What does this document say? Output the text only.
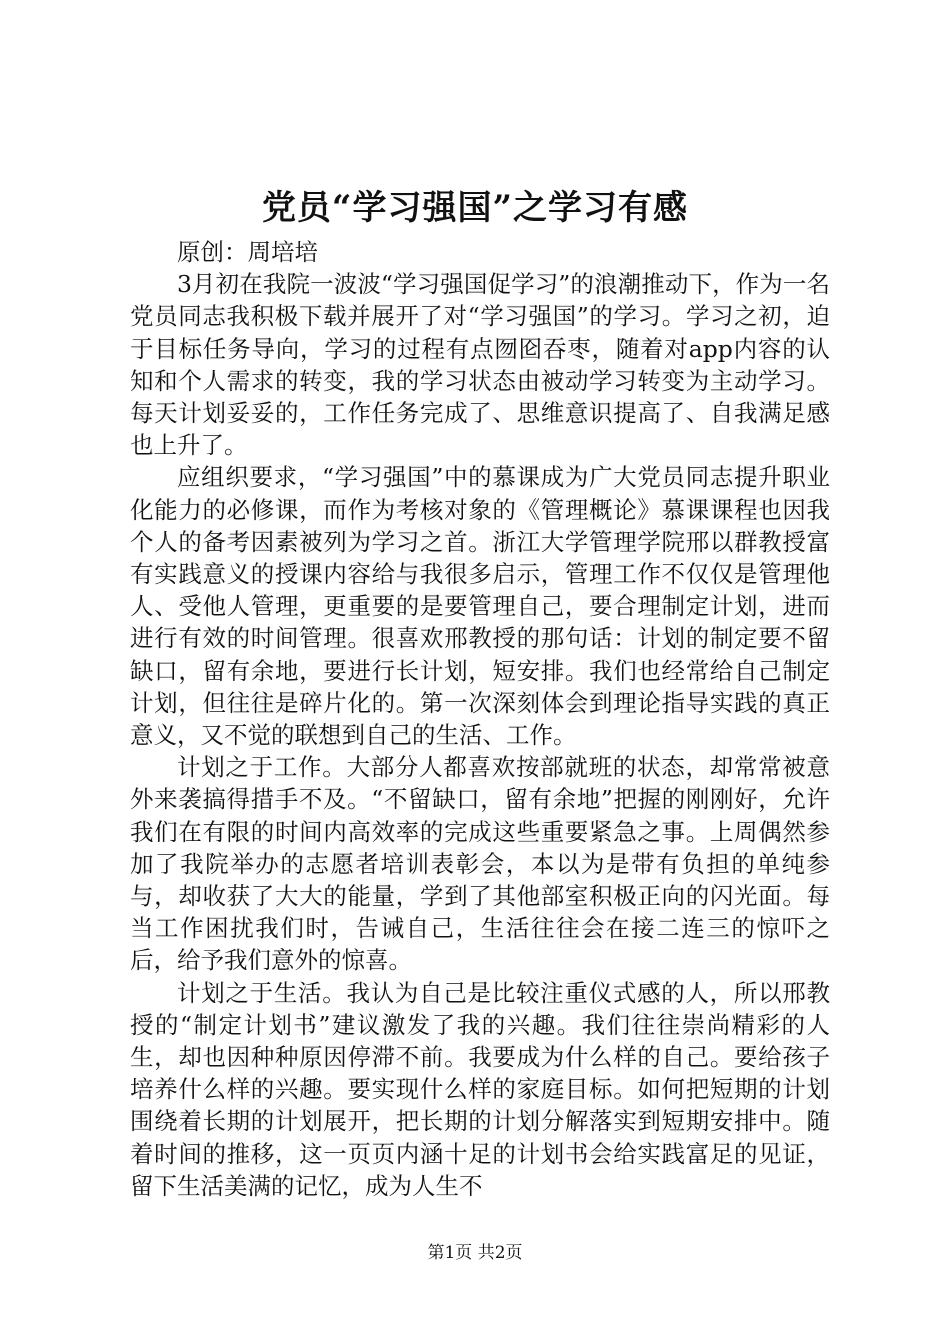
党员“学习强国”之学习有感

原创：周培培

3月初在我院一波波“学习强国促学习”的浪潮推动下，作为一名党员同志我积极下载并展开了对“学习强国”的学习。学习之初，迫于目标任务导向，学习的过程有点囫囵吞枣，随着对app内容的认知和个人需求的转变，我的学习状态由被动学习转变为主动学习。每天计划妥妥的，工作任务完成了、思维意识提高了、自我满足感也上升了。

应组织要求，“学习强国”中的慕课成为广大党员同志提升职业化能力的必修课，而作为考核对象的《管理概论》慕课课程也因我个人的备考因素被列为学习之首。浙江大学管理学院邢以群教授富有实践意义的授课内容给与我很多启示，管理工作不仅仅是管理他人、受他人管理，更重要的是要管理自己，要合理制定计划，进而进行有效的时间管理。很喜欢邢教授的那句话：计划的制定要不留缺口，留有余地，要进行长计划，短安排。我们也经常给自己制定计划，但往往是碎片化的。第一次深刻体会到理论指导实践的真正意义，又不觉的联想到自己的生活、工作。

计划之于工作。大部分人都喜欢按部就班的状态，却常常被意外来袭搞得措手不及。“不留缺口，留有余地”把握的刚刚好，允许我们在有限的时间内高效率的完成这些重要紧急之事。上周偶然参加了我院举办的志愿者培训表彰会，本以为是带有负担的单纯参与，却收获了大大的能量，学到了其他部室积极正向的闪光面。每当工作困扰我们时，告诫自己，生活往往会在接二连三的惊吓之后，给予我们意外的惊喜。

计划之于生活。我认为自己是比较注重仪式感的人，所以邢教授的“制定计划书”建议激发了我的兴趣。我们往往崇尚精彩的人生，却也因种种原因停滞不前。我要成为什么样的自己。要给孩子培养什么样的兴趣。要实现什么样的家庭目标。如何把短期的计划围绕着长期的计划展开，把长期的计划分解落实到短期安排中。随着时间的推移，这一页页内涵十足的计划书会给实践富足的见证，留下生活美满的记忆，成为人生不

第1页 共2页
